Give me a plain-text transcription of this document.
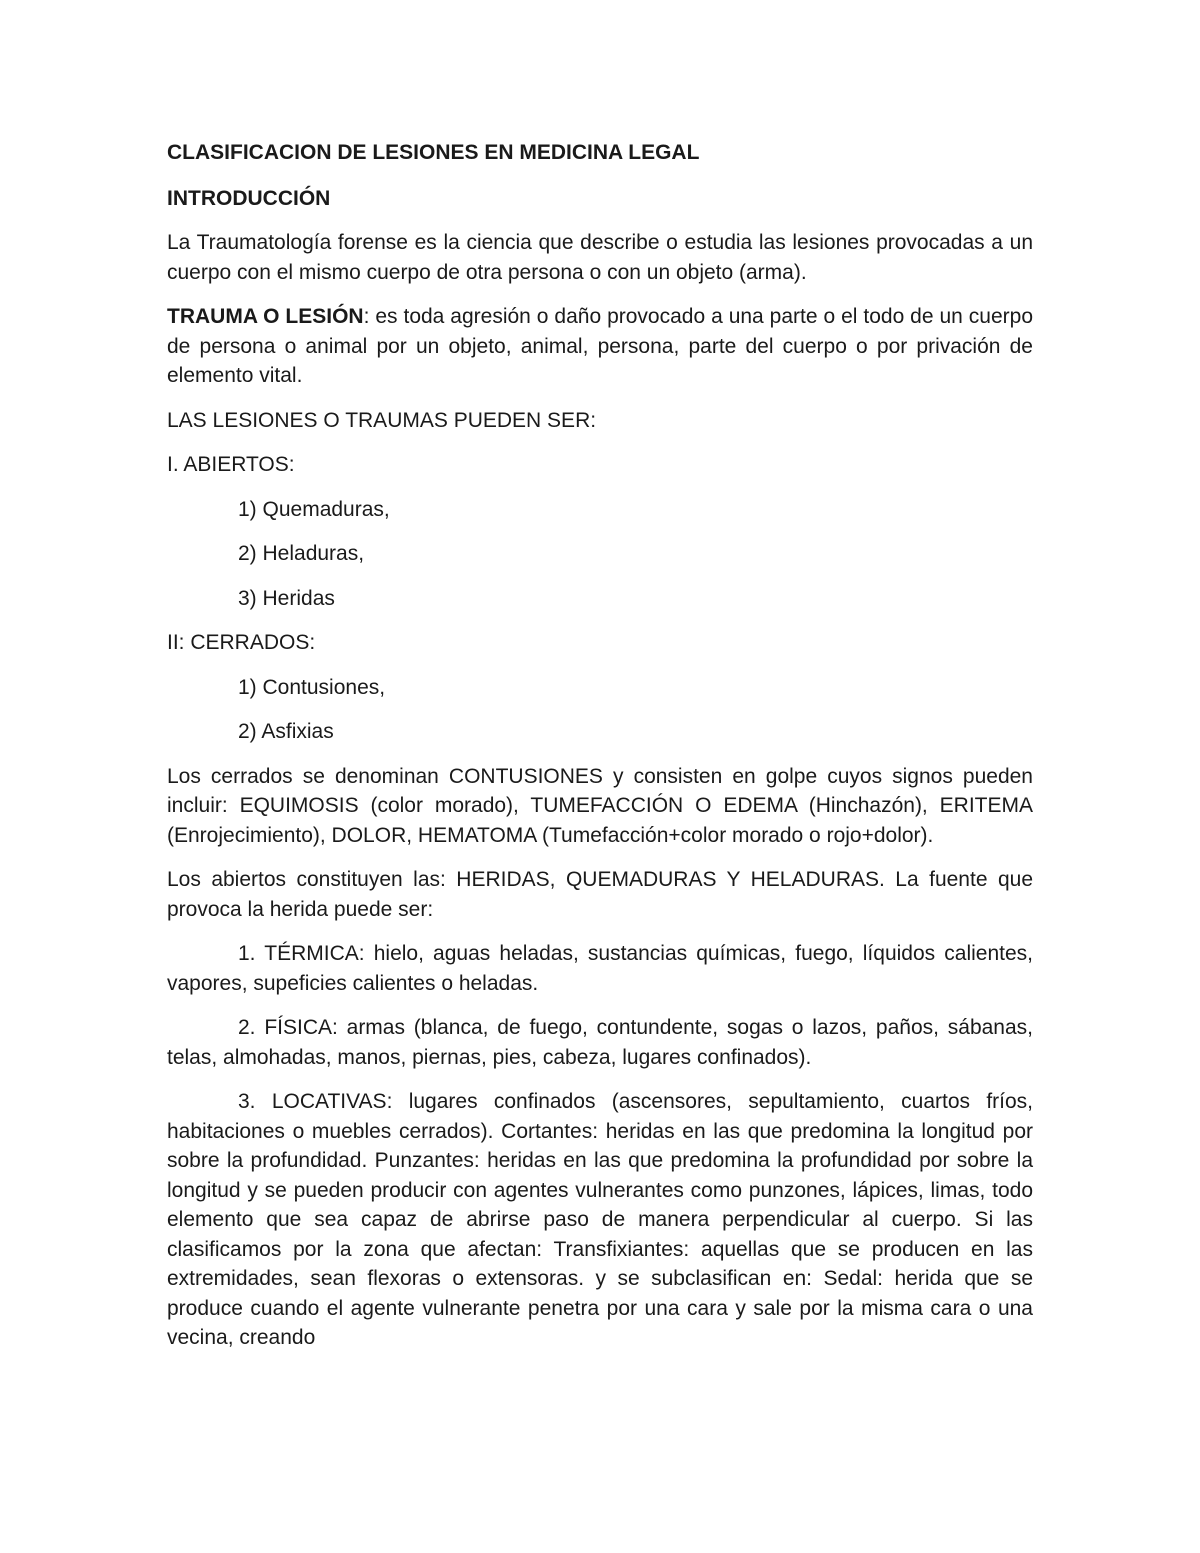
CLASIFICACION DE LESIONES EN MEDICINA LEGAL
INTRODUCCIÓN

La Traumatología forense es la ciencia que describe o estudia las lesiones provocadas a un cuerpo con el mismo cuerpo de otra persona o con un objeto (arma).

TRAUMA O LESIÓN: es toda agresión o daño provocado a una parte o el todo de un cuerpo de persona o animal por un objeto, animal, persona, parte del cuerpo o por privación de elemento vital.

LAS LESIONES O TRAUMAS PUEDEN SER:

I. ABIERTOS:

1) Quemaduras,
2) Heladuras,
3) Heridas

II: CERRADOS:

1) Contusiones,
2) Asfixias

Los cerrados se denominan CONTUSIONES y consisten en golpe cuyos signos pueden incluir: EQUIMOSIS (color morado), TUMEFACCIÓN O EDEMA (Hinchazón), ERITEMA (Enrojecimiento), DOLOR, HEMATOMA (Tumefacción+color morado o rojo+dolor).

Los abiertos constituyen las: HERIDAS, QUEMADURAS Y HELADURAS. La fuente que provoca la herida puede ser:

1. TÉRMICA: hielo, aguas heladas, sustancias químicas, fuego, líquidos calientes, vapores, supeficies calientes o heladas.

2. FÍSICA: armas (blanca, de fuego, contundente, sogas o lazos, paños, sábanas, telas, almohadas, manos, piernas, pies, cabeza, lugares confinados).

3. LOCATIVAS: lugares confinados (ascensores, sepultamiento, cuartos fríos, habitaciones o muebles cerrados). Cortantes: heridas en las que predomina la longitud por sobre la profundidad. Punzantes: heridas en las que predomina la profundidad por sobre la longitud y se pueden producir con agentes vulnerantes como punzones, lápices, limas, todo elemento que sea capaz de abrirse paso de manera perpendicular al cuerpo. Si las clasificamos por la zona que afectan: Transfixiantes: aquellas que se producen en las extremidades, sean flexoras o extensoras. y se subclasifican en: Sedal: herida que se produce cuando el agente vulnerante penetra por una cara y sale por la misma cara o una vecina, creando
